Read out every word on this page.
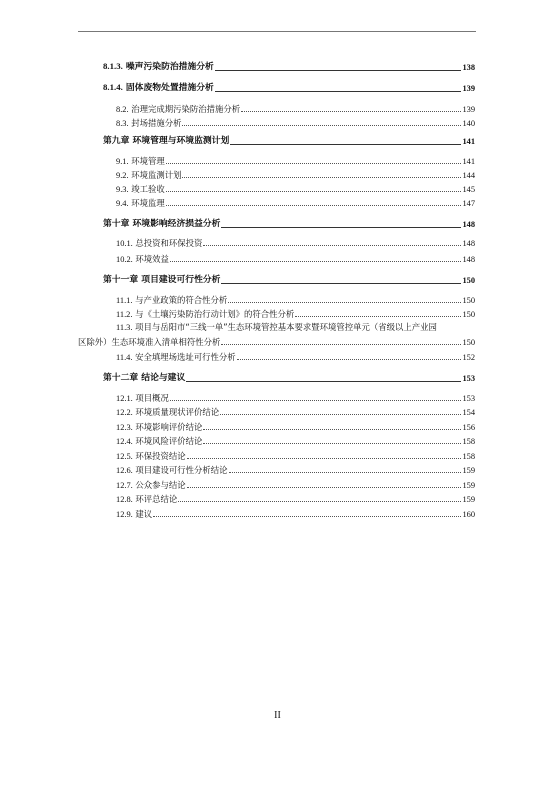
8.1.3. 噪声污染防治措施分析	138
8.1.4. 固体废物处置措施分析	139
8.2. 治理完成期污染防治措施分析	139
8.3. 封场措施分析	140
第九章 环境管理与环境监测计划	141
9.1. 环境管理	141
9.2. 环境监测计划	144
9.3. 竣工验收	145
9.4. 环境监理	147
第十章 环境影响经济损益分析	148
10.1. 总投资和环保投资	148
10.2. 环境效益	148
第十一章 项目建设可行性分析	150
11.1. 与产业政策的符合性分析	150
11.2. 与《土壤污染防治行动计划》的符合性分析	150
11.3. 项目与岳阳市“三线一单”生态环境管控基本要求暨环境管控单元（省级以上产业园
区除外）生态环境准入清单相符性分析	150
11.4. 安全填埋场选址可行性分析	152
第十二章 结论与建议	153
12.1. 项目概况	153
12.2. 环境质量现状评价结论	154
12.3. 环境影响评价结论	156
12.4. 环境风险评价结论	158
12.5. 环保投资结论	158
12.6. 项目建设可行性分析结论	159
12.7. 公众参与结论	159
12.8. 环评总结论	159
12.9. 建议	160
II
